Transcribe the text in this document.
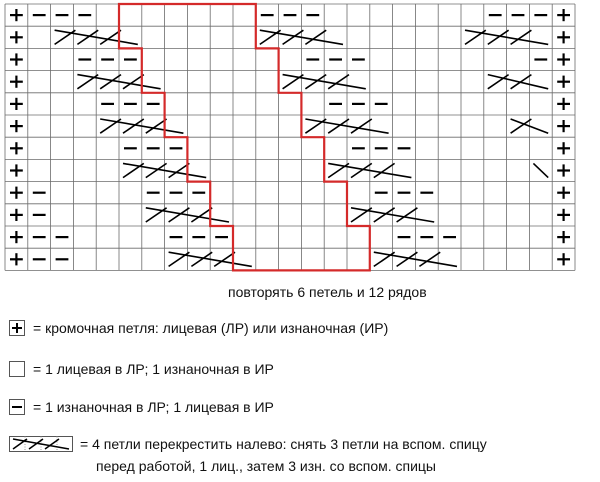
повторять 6 петель и 12 рядов
= кромочная петля: лицевая (ЛР) или изнаночная (ИР)
= 1 лицевая в ЛР; 1 изнаночная в ИР
= 1 изнаночная в ЛР; 1 лицевая в ИР
= 4 петли перекрестить налево: снять 3 петли на вспом. спицу
перед работой, 1 лиц., затем 3 изн. со вспом. спицы
